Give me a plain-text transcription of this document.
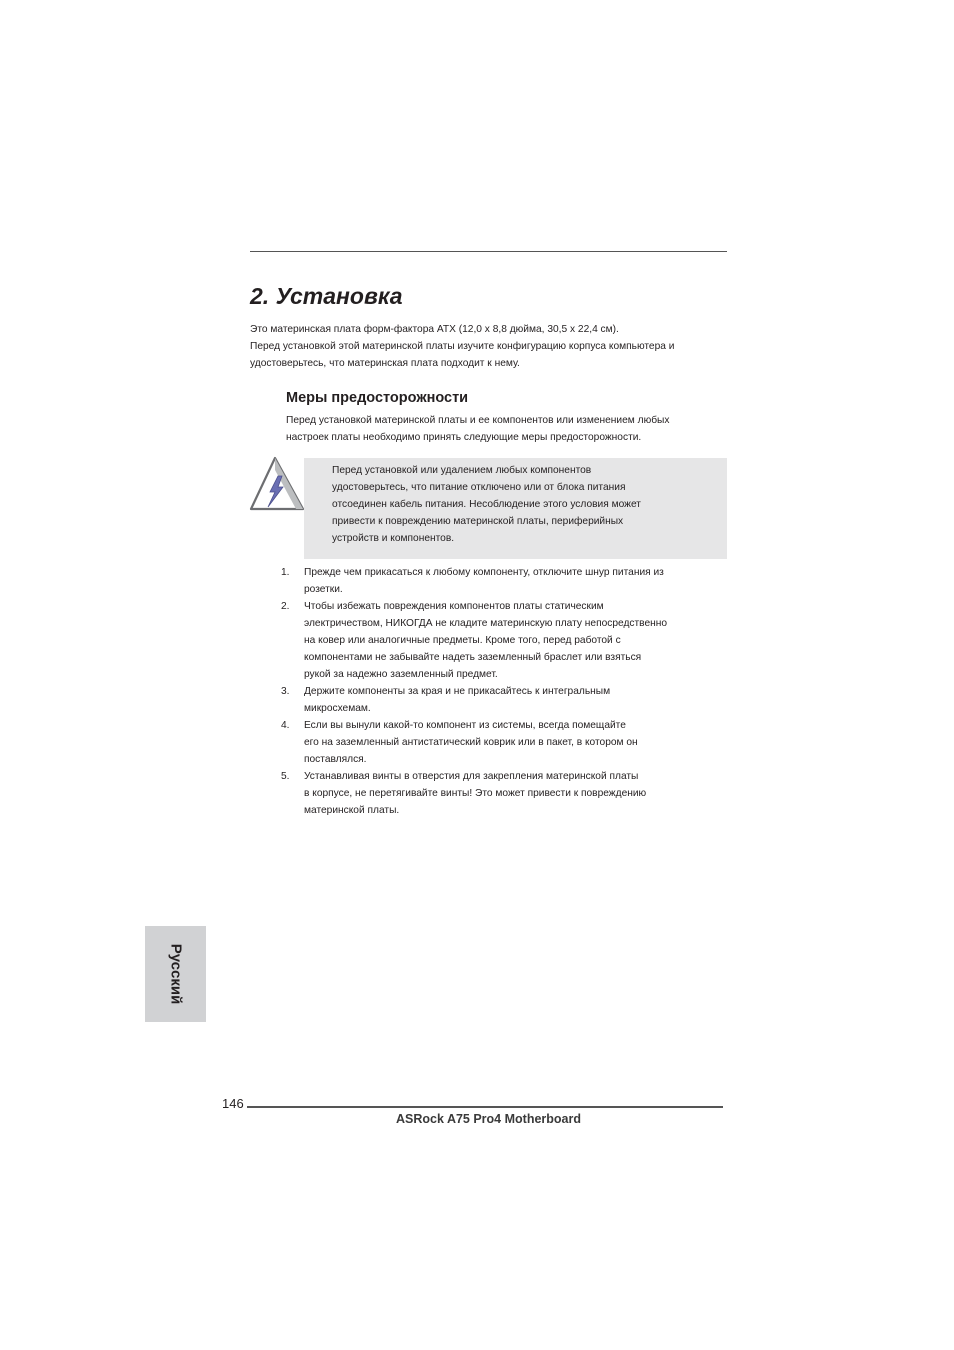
2. Установка

Это материнская плата форм-фактора ATX (12,0 x 8,8 дюйма, 30,5 x 22,4 см).

Перед установкой этой материнской платы изучите конфигурацию корпуса компьютера и

удостоверьтесь, что материнская плата подходит к нему.

Меры предосторожности
Перед установкой материнской платы и ее компонентов или изменением любых
настроек платы необходимо принять следующие меры предосторожности.
Перед установкой или удалением любых компонентов
удостоверьтесь, что питание отключено или от блока питания
отсоединен кабель питания. Несоблюдение этого условия может
привести к повреждению материнской платы, периферийных
устройств и компонентов.
1. Прежде чем прикасаться к любому компоненту, отключите шнур питания из
розетки.
2. Чтобы избежать повреждения компонентов платы статическим
электричеством, НИКОГДА не кладите материнскую плату непосредственно
на ковер или аналогичные предметы. Кроме того, перед работой с
компонентами не забывайте надеть заземленный браслет или взяться
рукой за надежно заземленный предмет.
3. Держите компоненты за края и не прикасайтесь к интегральным
микросхемам.
4. Если вы вынули какой-то компонент из системы, всегда помещайте
его на заземленный антистатический коврик или в пакет, в котором он
поставлялся.
5. Устанавливая винты в отверстия для закрепления материнской платы
в корпусе, не перетягивайте винты! Это может привести к повреждению
материнской платы.
Русский
146
ASRock A75 Pro4 Motherboard
